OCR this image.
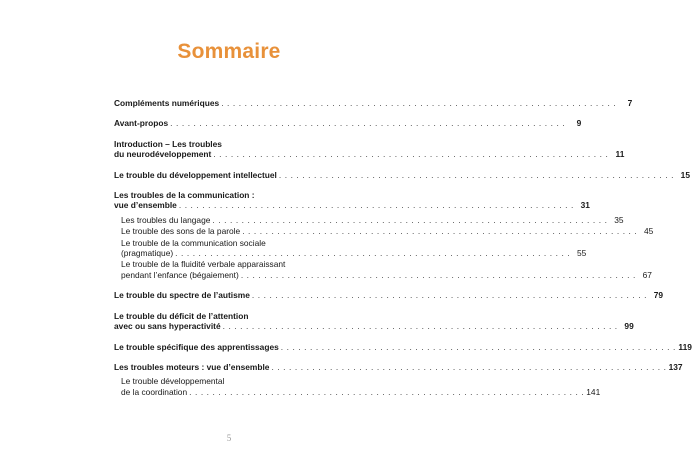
Sommaire
Compléments numériques . . . . . . . . . . . . . . . . . . . . . . . . . . . . . . . . . . . . . . . . . . . . . . . . . . . . . . . . . . . . . . . . . . . .	7
Avant-propos . . . . . . . . . . . . . . . . . . . . . . . . . . . . . . . . . . . . . . . . . . . . . . . . . . . . . . . . . . . . . . . . . . . .	9
Introduction – Les troubles
du neurodéveloppement . . . . . . . . . . . . . . . . . . . . . . . . . . . . . . . . . . . . . . . . . . . . . . . . . . . . . . . . . . . . . . . . . . . . 11
Le trouble du développement intellectuel . . . . . . . . . . . . . . . . . . . . . . . . . . . . . . . . . . . . . . . . . . . . . . . . . . . . . . . . . . . . . . . . . . . . 15
Les troubles de la communication :
vue d’ensemble . . . . . . . . . . . . . . . . . . . . . . . . . . . . . . . . . . . . . . . . . . . . . . . . . . . . . . . . . . . . . . . . . . . . 31
Les troubles du langage . . . . . . . . . . . . . . . . . . . . . . . . . . . . . . . . . . . . . . . . . . . . . . . . . . . . . . . . . . . . . . . . . . . . 35
Le trouble des sons de la parole . . . . . . . . . . . . . . . . . . . . . . . . . . . . . . . . . . . . . . . . . . . . . . . . . . . . . . . . . . . . . . . . . . . . 45
Le trouble de la communication sociale
(pragmatique) . . . . . . . . . . . . . . . . . . . . . . . . . . . . . . . . . . . . . . . . . . . . . . . . . . . . . . . . . . . . . . . . . . . . 55
Le trouble de la fluidité verbale apparaissant
pendant l’enfance (bégaiement) . . . . . . . . . . . . . . . . . . . . . . . . . . . . . . . . . . . . . . . . . . . . . . . . . . . . . . . . . . . . . . . . . . . . 67
Le trouble du spectre de l’autisme . . . . . . . . . . . . . . . . . . . . . . . . . . . . . . . . . . . . . . . . . . . . . . . . . . . . . . . . . . . . . . . . . . . . 79
Le trouble du déficit de l’attention
avec ou sans hyperactivité . . . . . . . . . . . . . . . . . . . . . . . . . . . . . . . . . . . . . . . . . . . . . . . . . . . . . . . . . . . . . . . . . . . . 99
Le trouble spécifique des apprentissages . . . . . . . . . . . . . . . . . . . . . . . . . . . . . . . . . . . . . . . . . . . . . . . . . . . . . . . . . . . . . . . . . . . . 119
Les troubles moteurs : vue d’ensemble . . . . . . . . . . . . . . . . . . . . . . . . . . . . . . . . . . . . . . . . . . . . . . . . . . . . . . . . . . . . . . . . . . . . 137
Le trouble développemental
de la coordination . . . . . . . . . . . . . . . . . . . . . . . . . . . . . . . . . . . . . . . . . . . . . . . . . . . . . . . . . . . . . . . . . . . . 141
5
